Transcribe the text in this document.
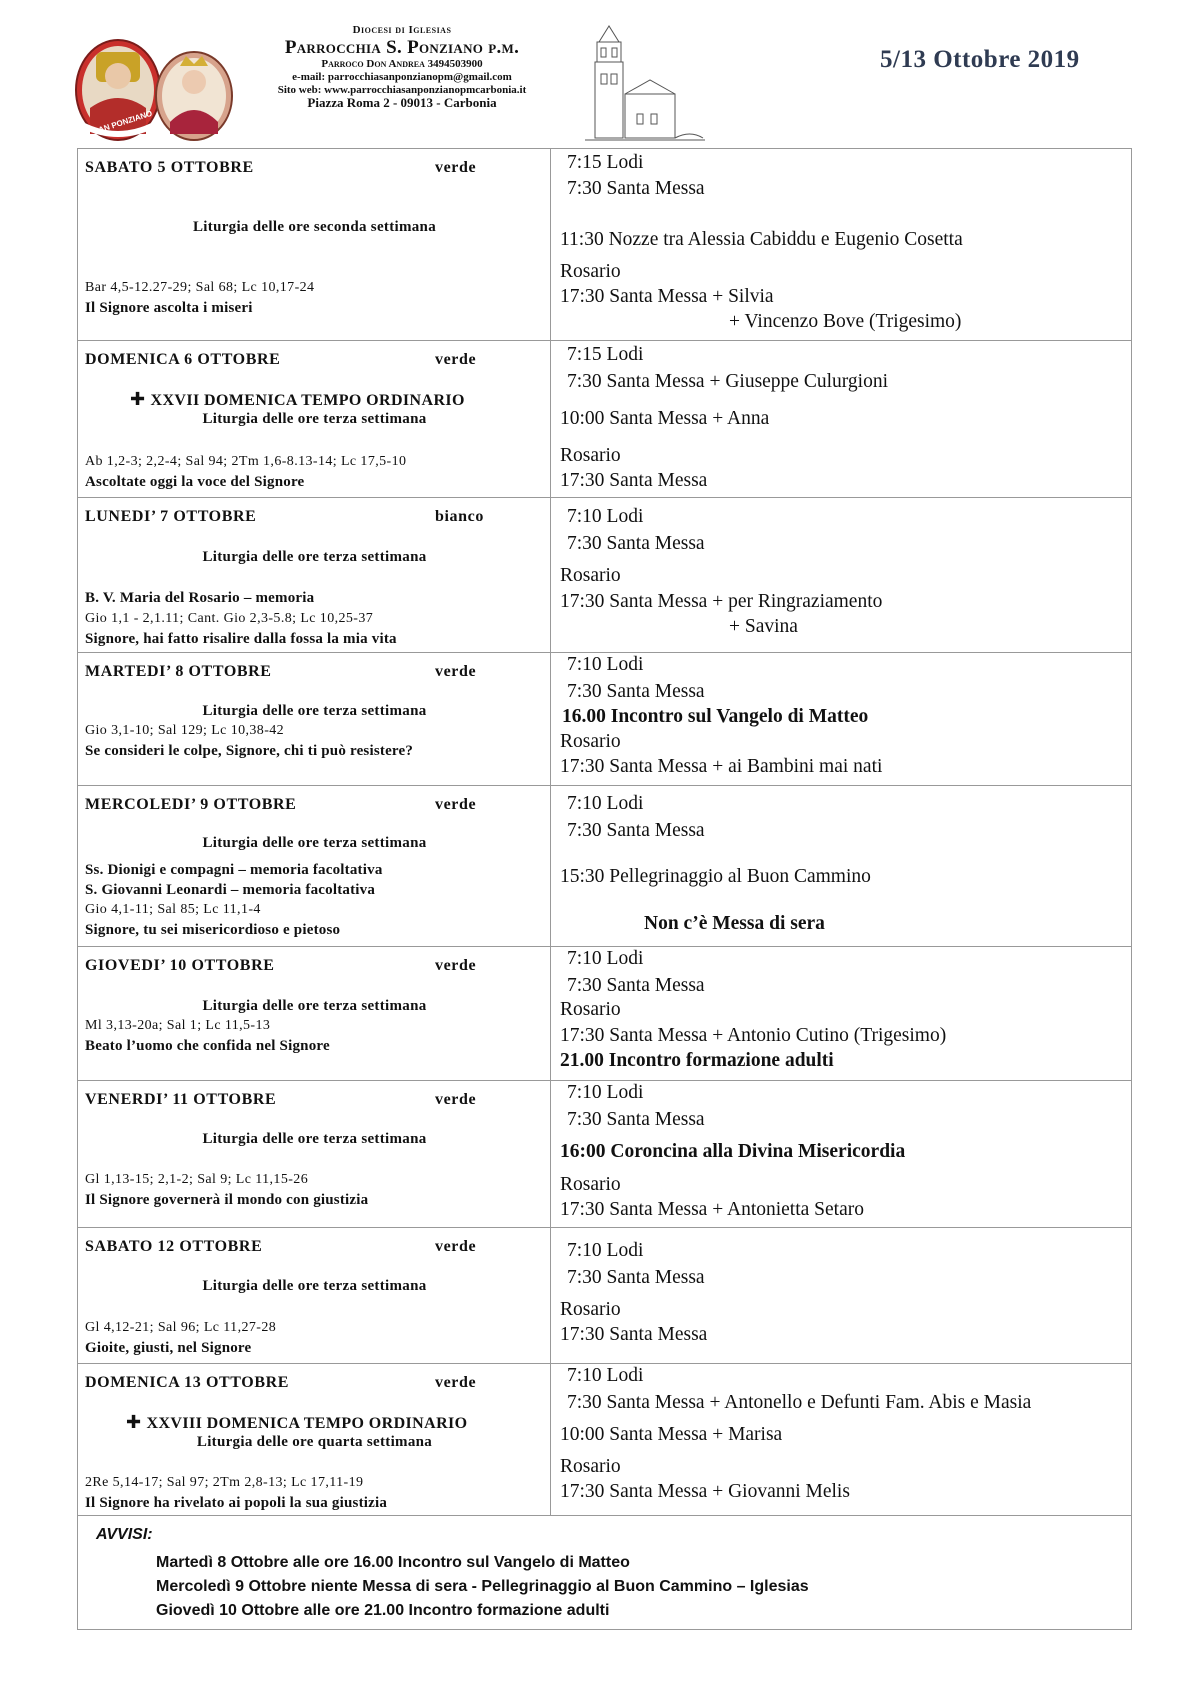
SAN PONZIANO
Diocesi di Iglesias
Parrocchia S. Ponziano p.m.
Parroco Don Andrea 3494503900
e-mail: parrocchiasanponzianopm@gmail.com
Sito web: www.parrocchiasanponzianopmcarbonia.it
Piazza Roma 2 - 09013 - Carbonia
5/13 Ottobre 2019
SABATO 5 OTTOBRE	verde
Liturgia delle ore seconda settimana
Bar 4,5-12.27-29; Sal 68; Lc 10,17-24
Il Signore ascolta i miseri
7:15 Lodi
7:30 Santa Messa
11:30 Nozze tra Alessia Cabiddu e Eugenio Cosetta
Rosario
17:30 Santa Messa + Silvia
+ Vincenzo Bove (Trigesimo)
DOMENICA 6 OTTOBRE	verde
✚ XXVII DOMENICA TEMPO ORDINARIO
Liturgia delle ore terza settimana
Ab 1,2-3; 2,2-4; Sal 94; 2Tm 1,6-8.13-14; Lc 17,5-10
Ascoltate oggi la voce del Signore
7:15 Lodi
7:30 Santa Messa + Giuseppe Culurgioni
10:00 Santa Messa + Anna
Rosario
17:30 Santa Messa
LUNEDI’ 7 OTTOBRE	bianco
Liturgia delle ore terza settimana
B. V. Maria del Rosario – memoria
Gio 1,1 - 2,1.11; Cant. Gio 2,3-5.8; Lc 10,25-37
Signore, hai fatto risalire dalla fossa la mia vita
7:10 Lodi
7:30 Santa Messa
Rosario
17:30 Santa Messa + per Ringraziamento
+ Savina
MARTEDI’ 8 OTTOBRE	verde
Liturgia delle ore terza settimana
Gio 3,1-10; Sal 129; Lc 10,38-42
Se consideri le colpe, Signore, chi ti può resistere?
7:10 Lodi
7:30 Santa Messa
16.00 Incontro sul Vangelo di Matteo
Rosario
17:30 Santa Messa + ai Bambini mai nati
MERCOLEDI’ 9 OTTOBRE	verde
Liturgia delle ore terza settimana
Ss. Dionigi e compagni – memoria facoltativa
S. Giovanni Leonardi – memoria facoltativa
Gio 4,1-11; Sal 85; Lc 11,1-4
Signore, tu sei misericordioso e pietoso
7:10 Lodi
7:30 Santa Messa
15:30 Pellegrinaggio al Buon Cammino
Non c’è Messa di sera
GIOVEDI’ 10 OTTOBRE	verde
Liturgia delle ore terza settimana
Ml 3,13-20a; Sal 1; Lc 11,5-13
Beato l’uomo che confida nel Signore
7:10 Lodi
7:30 Santa Messa
Rosario
17:30 Santa Messa + Antonio Cutino (Trigesimo)
21.00 Incontro formazione adulti
VENERDI’ 11 OTTOBRE	verde
Liturgia delle ore terza settimana
Gl 1,13-15; 2,1-2; Sal 9; Lc 11,15-26
Il Signore governerà il mondo con giustizia
7:10 Lodi
7:30 Santa Messa
16:00 Coroncina alla Divina Misericordia
Rosario
17:30 Santa Messa + Antonietta Setaro
SABATO 12 OTTOBRE	verde
Liturgia delle ore terza settimana
Gl 4,12-21; Sal 96; Lc 11,27-28
Gioite, giusti, nel Signore
7:10 Lodi
7:30 Santa Messa
Rosario
17:30 Santa Messa
DOMENICA 13 OTTOBRE	verde
✚ XXVIII DOMENICA TEMPO ORDINARIO
Liturgia delle ore quarta settimana
2Re 5,14-17; Sal 97; 2Tm 2,8-13; Lc 17,11-19
Il Signore ha rivelato ai popoli la sua giustizia
7:10 Lodi
7:30 Santa Messa + Antonello e Defunti Fam. Abis e Masia
10:00 Santa Messa + Marisa
Rosario
17:30 Santa Messa + Giovanni Melis
AVVISI:
Martedì 8 Ottobre alle ore 16.00 Incontro sul Vangelo di Matteo
Mercoledì 9 Ottobre niente Messa di sera - Pellegrinaggio al Buon Cammino – Iglesias
Giovedì 10 Ottobre alle ore 21.00 Incontro formazione adulti
